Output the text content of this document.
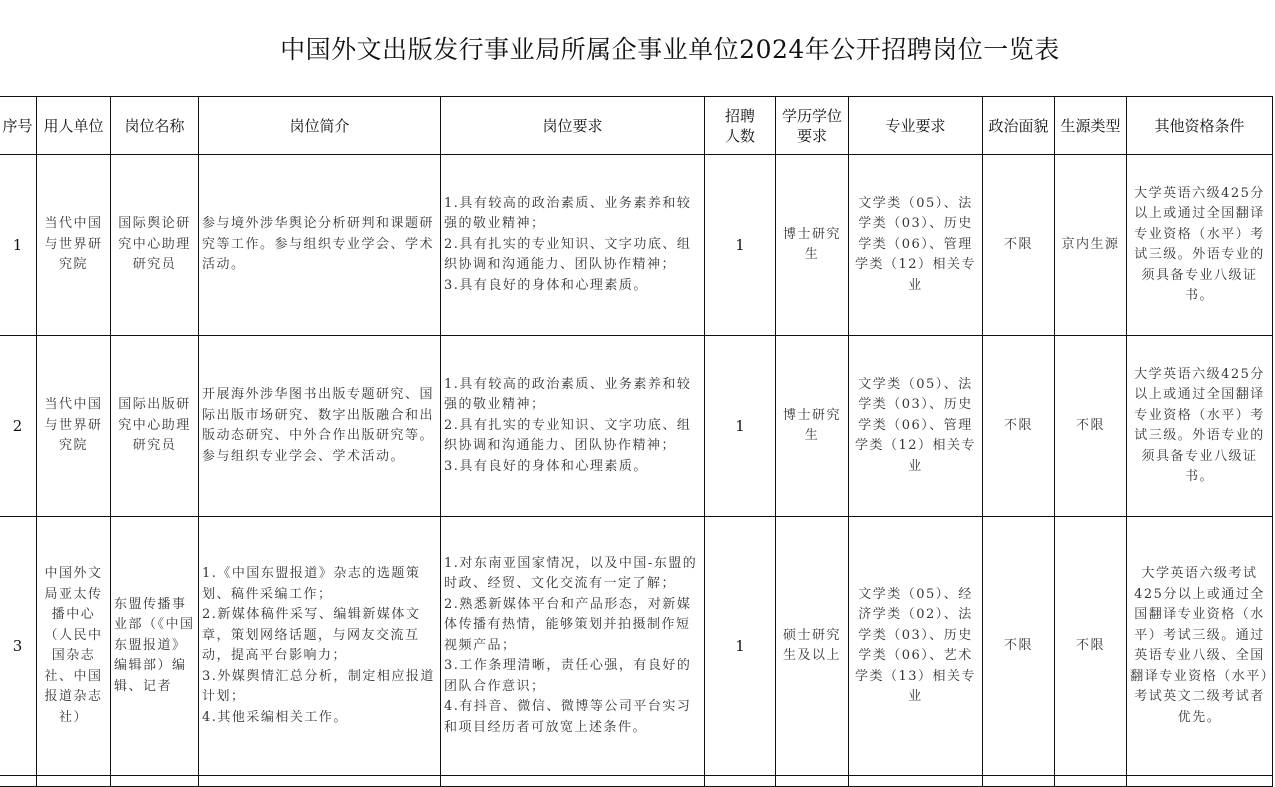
中国外文出版发行事业局所属企事业单位2024年公开招聘岗位一览表
序号	用人单位	岗位名称	岗位简介	岗位要求	招聘人数	学历学位要求	专业要求	政治面貌	生源类型	其他资格条件
1	当代中国与世界研究院	国际舆论研究中心助理研究员	参与境外涉华舆论分析研判和课题研究等工作。参与组织专业学会、学术活动。	1.具有较高的政治素质、业务素养和较强的敬业精神；
2.具有扎实的专业知识、文字功底、组织协调和沟通能力、团队协作精神；
3.具有良好的身体和心理素质。	1	博士研究生	文学类（05）、法学类（03）、历史学类（06）、管理学类（12）相关专业	不限	京内生源	大学英语六级425分以上或通过全国翻译专业资格（水平）考试三级。外语专业的须具备专业八级证书。
2	当代中国与世界研究院	国际出版研究中心助理研究员	开展海外涉华图书出版专题研究、国际出版市场研究、数字出版融合和出版动态研究、中外合作出版研究等。参与组织专业学会、学术活动。	1.具有较高的政治素质、业务素养和较强的敬业精神；
2.具有扎实的专业知识、文字功底、组织协调和沟通能力、团队协作精神；
3.具有良好的身体和心理素质。	1	博士研究生	文学类（05）、法学类（03）、历史学类（06）、管理学类（12）相关专业	不限	不限	大学英语六级425分以上或通过全国翻译专业资格（水平）考试三级。外语专业的须具备专业八级证书。
3	中国外文局亚太传播中心（人民中国杂志社、中国报道杂志社）	东盟传播事业部（《中国东盟报道》编辑部）编辑、记者	1.《中国东盟报道》杂志的选题策划、稿件采编工作；
2.新媒体稿件采写、编辑新媒体文章，策划网络话题，与网友交流互动，提高平台影响力；
3.外媒舆情汇总分析，制定相应报道计划；
4.其他采编相关工作。	1.对东南亚国家情况，以及中国-东盟的时政、经贸、文化交流有一定了解；
2.熟悉新媒体平台和产品形态，对新媒体传播有热情，能够策划并拍摄制作短视频产品；
3.工作条理清晰，责任心强，有良好的团队合作意识；
4.有抖音、微信、微博等公司平台实习和项目经历者可放宽上述条件。	1	硕士研究生及以上	文学类（05）、经济学类（02）、法学类（03）、历史学类（06）、艺术学类（13）相关专业	不限	不限	大学英语六级考试425分以上或通过全国翻译专业资格（水平）考试三级。通过英语专业八级、全国翻译专业资格（水平）考试英文二级考试者优先。
